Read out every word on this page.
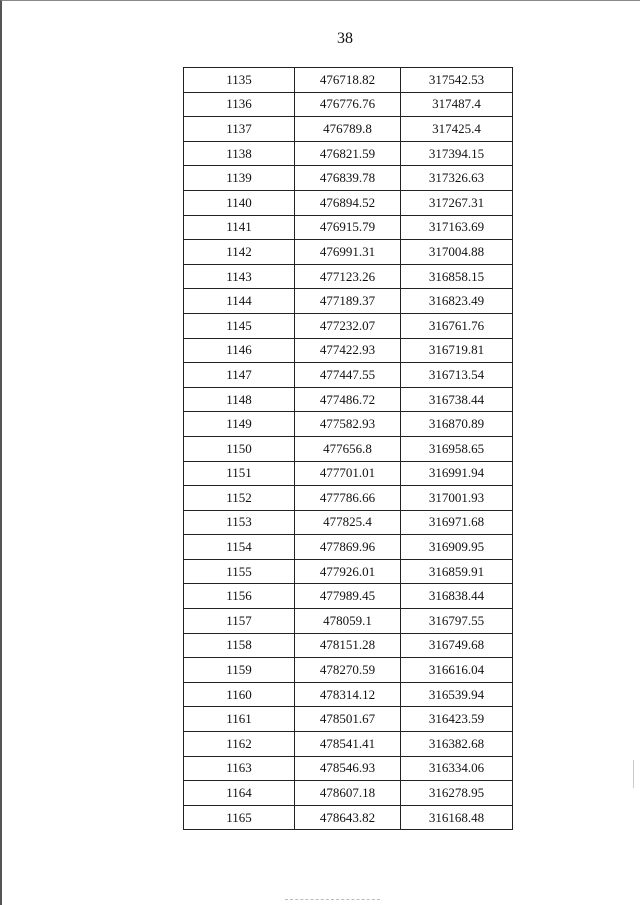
38
1135	476718.82	317542.53
1136	476776.76	317487.4
1137	476789.8	317425.4
1138	476821.59	317394.15
1139	476839.78	317326.63
1140	476894.52	317267.31
1141	476915.79	317163.69
1142	476991.31	317004.88
1143	477123.26	316858.15
1144	477189.37	316823.49
1145	477232.07	316761.76
1146	477422.93	316719.81
1147	477447.55	316713.54
1148	477486.72	316738.44
1149	477582.93	316870.89
1150	477656.8	316958.65
1151	477701.01	316991.94
1152	477786.66	317001.93
1153	477825.4	316971.68
1154	477869.96	316909.95
1155	477926.01	316859.91
1156	477989.45	316838.44
1157	478059.1	316797.55
1158	478151.28	316749.68
1159	478270.59	316616.04
1160	478314.12	316539.94
1161	478501.67	316423.59
1162	478541.41	316382.68
1163	478546.93	316334.06
1164	478607.18	316278.95
1165	478643.82	316168.48
